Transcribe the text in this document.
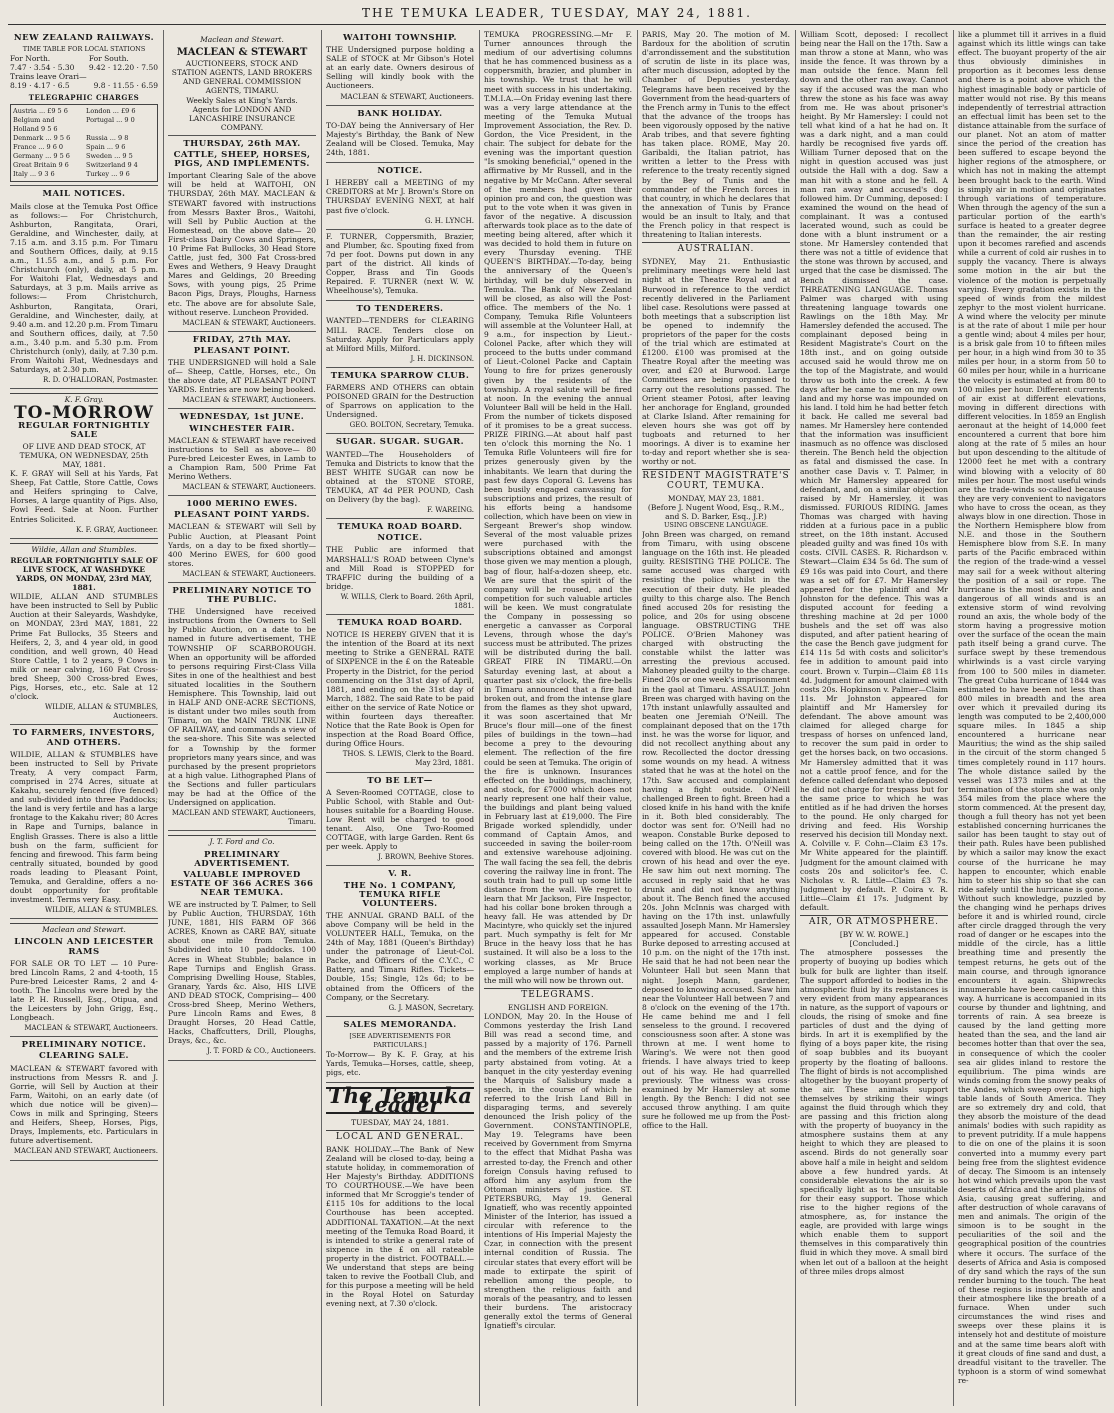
THE TEMUKA LEADER, TUESDAY, MAY 24, 1881.
NEW ZEALAND RAILWAYS.
TIME TABLE FOR LOCAL STATIONS
For North.
7.47 · 3.54 · 5.30
For South.
9.42 · 12.20 · 7.50
Trains leave Orari—
8.19 · 4.17 · 6.5	9.8 · 11.55 · 6.59
TELEGRAPHIC CHARGES
Austria ... £9 5 6	London ... £9 6
Belgium and Holland 9 5 6
Portugal ... 9 0
Denmark ... 9 5 6	Russia ... 9 8
France ... 9 6 0	Spain ... 9 6
Germany ... 9 5 6	Sweden ... 9 5
Great Britain 9 6	Switzerland 9 4
Italy ... 9 3 6	Turkey ... 9 6
MAIL NOTICES.

Mails close at the Temuka Post Office as follows:— For Christchurch, Ashburton, Rangitata, Orari, Geraldine, and Winchester, daily, at 7.15 a.m. and 3.15 p.m. For Timaru and Southern Offices, daily, at 9.15 a.m., 11.55 a.m., and 5 p.m. For Christchurch (only), daily, at 5 p.m. For Waitohi Flat, Wednesdays and Saturdays, at 3 p.m. Mails arrive as follows:— From Christchurch, Ashburton, Rangitata, Orari, Geraldine, and Winchester, daily, at 9.40 a.m. and 12.20 p.m. From Timaru and Southern offices, daily, at 7.50 a.m., 3.40 p.m. and 5.30 p.m. From Christchurch (only), daily, at 7.30 p.m. From Waitohi Flat, Wednesdays and Saturdays, at 2.30 p.m.

R. D. O'HALLORAN, Postmaster.
K. F. Gray.
TO-MORROW
REGULAR FORTNIGHTLY SALE
OF LIVE AND DEAD STOCK, AT TEMUKA, ON WEDNESDAY, 25th MAY, 1881.

K. F. GRAY will Sell at his Yards, Fat Sheep, Fat Cattle, Store Cattle, Cows and Heifers springing to Calve, Horses, A large quantity of Pigs. Also, Fowl Feed. Sale at Noon. Further Entries Solicited.

K. F. GRAY, Auctioneer.
Wildie, Allan and Stumbles.
REGULAR FORTNIGHTLY SALE OF LIVE STOCK, AT WASHDYKE YARDS, ON MONDAY, 23rd MAY, 1881.

WILDIE, ALLAN AND STUMBLES have been instructed to Sell by Public Auction at their Saleyards, Washdyke, on MONDAY, 23rd MAY, 1881, 22 Prime Fat Bullocks, 35 Steers and Heifers, 2, 3, and 4 year old, in good condition, and well grown, 40 Head Store Cattle, 1 to 2 years, 9 Cows in milk or near calving, 160 Fat Cross-bred Sheep, 300 Cross-bred Ewes, Pigs, Horses, etc., etc. Sale at 12 o'clock.

WILDIE, ALLAN & STUMBLES, Auctioneers.
TO FARMERS, INVESTORS, AND OTHERS.

WILDIE, ALLAN & STUMBLES have been instructed to Sell by Private Treaty, A very compact Farm, comprised in 274 Acres, situate at Kakahu, securely fenced (five fenced) and sub-divided into three Paddocks; the land is very fertile and has a large frontage to the Kakahu river; 80 Acres in Rape and Turnips, balance in English Grasses. There is also a little bush on the farm, sufficient for fencing and firewood. This farm being centrally situated, bounded by good roads leading to Pleasant Point, Temuka, and Geraldine, offers a no-doubt opportunity for profitable investment. Terms very Easy.

WILDIE, ALLAN & STUMBLES.
Maclean and Stewart.
LINCOLN AND LEICESTER RAMS

FOR SALE OR TO LET — 10 Pure-bred Lincoln Rams, 2 and 4-tooth, 15 Pure-bred Leicester Rams, 2 and 4-tooth. The Lincolns were bred by the late P. H. Russell, Esq., Otipua, and the Leicesters by John Grigg, Esq., Longbeach.

MACLEAN & STEWART, Auctioneers.
PRELIMINARY NOTICE.
CLEARING SALE.

MACLEAN & STEWART favored with instructions from Messrs R. and J. Gorrie, will Sell by Auction at their Farm, Waitohi, on an early date (of which due notice will be given)— Cows in milk and Springing, Steers and Heifers, Sheep, Horses, Pigs, Drays, Implements, etc. Particulars in future advertisement.

MACLEAN AND STEWART, Auctioneers.
Maclean and Stewart.
MACLEAN & STEWART
AUCTIONEERS, STOCK AND STATION AGENTS, LAND BROKERS AND GENERAL COMMISSION AGENTS, TIMARU.
Weekly Sales at King's Yards.
Agents for LONDON AND LANCASHIRE INSURANCE COMPANY.
THURSDAY, 26th MAY.
CATTLE, SHEEP, HORSES, PIGS, AND IMPLEMENTS.

Important Clearing Sale of the above will be held at WAITOHI, ON THURSDAY, 26th MAY. MACLEAN & STEWART favored with instructions from Messrs Baxter Bros., Waitohi, will Sell by Public Auction at the Homestead, on the above date— 20 First-class Dairy Cows and Springers, 10 Prime Fat Bullocks, 30 Head Store Cattle, just fed, 300 Fat Cross-bred Ewes and Wethers, 9 Heavy Draught Mares and Geldings, 20 Breeding Sows, with young pigs, 25 Prime Bacon Pigs, Drays, Ploughs, Harness etc. The above are for absolute Sale, without reserve. Luncheon Provided.

MACLEAN & STEWART, Auctioneers.
FRIDAY, 27th MAY.
PLEASANT POINT.

THE UNDERSIGNED will hold a Sale of— Sheep, Cattle, Horses, etc., On the above date, AT PLEASANT POINT YARDS. Entries are now being booked.

MACLEAN & STEWART, Auctioneers.
WEDNESDAY, 1st JUNE.
WINCHESTER FAIR.

MACLEAN & STEWART have received instructions to Sell as above— 80 Pure-bred Leicester Ewes, in Lamb to a Champion Ram, 500 Prime Fat Merino Wethers.

MACLEAN & STEWART, Auctioneers.
1000 MERINO EWES.
PLEASANT POINT YARDS.

MACLEAN & STEWART will Sell by Public Auction, at Pleasant Point Yards, on a day to be fixed shortly— 400 Merino EWES, for 600 good stores.

MACLEAN & STEWART, Auctioneers.
PRELIMINARY NOTICE TO THE PUBLIC.

THE Undersigned have received instructions from the Owners to Sell by Public Auction, on a date to be named in future advertisement, THE TOWNSHIP OF SCARBOROUGH. When an opportunity will be afforded to persons requiring First-Class Villa Sites in one of the healthiest and best situated localities in the Southern Hemisphere. This Township, laid out in HALF AND ONE-ACRE SECTIONS, is distant under two miles south from Timaru, on the MAIN TRUNK LINE OF RAILWAY, and commands a view of the sea-shore. This Site was selected for a Township by the former proprietors many years since, and was purchased by the present proprietors at a high value. Lithographed Plans of the Sections and fuller particulars may be had at the Office of the Undersigned on application.

MACLEAN AND STEWART, Auctioneers, Timaru.
J. T. Ford and Co.
PRELIMINARY ADVERTISEMENT.
VALUABLE IMPROVED ESTATE OF 366 ACRES 366 NEAR TEMUKA.

WE are instructed by T. Palmer, to Sell by Public Auction, THURSDAY, 16th JUNE, 1881, HIS FARM OF 366 ACRES, Known as CARE BAY, situate about one mile from Temuka. Subdivided into 10 paddocks. 100 Acres in Wheat Stubble; balance in Rape Turnips and English Grass. Comprising Dwelling House, Stables, Granary, Yards &c. Also, HIS LIVE AND DEAD STOCK, Comprising— 400 Cross-bred Sheep, Merino Wethers, Pure Lincoln Rams and Ewes, 8 Draught Horses, 20 Head Cattle, Hacks, Chaffcutters, Drill, Ploughs, Drays, &c., &c.

J. T. FORD & CO., Auctioneers.
WAITOHI TOWNSHIP.

THE Undersigned purpose holding a SALE of STOCK at Mr Gibson's Hotel at an early date. Owners desirous of Selling will kindly book with the Auctioneers.

MACLEAN & STEWART, Auctioneers.
BANK HOLIDAY.

TO-DAY being the Anniversary of Her Majesty's Birthday, the Bank of New Zealand will be Closed. Temuka, May 24th, 1881.

NOTICE.

I HEREBY call a MEETING of my CREDITORS at Mr J. Brown's Store on THURSDAY EVENING NEXT, at half past five o'clock.

G. H. LYNCH.

F. TURNER, Coppersmith, Brazier, and Plumber, &c. Spouting fixed from 7d per foot. Downs put down in any part of the district. All kinds of Copper, Brass and Tin Goods Repaired. F. TURNER (next W. W. Wheelhouse's), Temuka.

TO TENDERERS.

WANTED—TENDERS for CLEARING MILL RACE. Tenders close on Saturday. Apply for Particulars apply at Milford Mills, Milford.

J. H. DICKINSON.
TEMUKA SPARROW CLUB.

FARMERS AND OTHERS can obtain POISONED GRAIN for the Destruction of Sparrows on application to the Undersigned.

GEO. BOLTON, Secretary, Temuka.
SUGAR. SUGAR. SUGAR.

WANTED—The Householders of Temuka and Districts to know that the BEST WHITE SUGAR can now be obtained at the STONE STORE, TEMUKA, AT 4d PER POUND, Cash on Delivery (by the bag).

F. WAREING.
TEMUKA ROAD BOARD.
NOTICE.

THE Public are informed that MARSHALL'S ROAD between Clyne's and Mill Road is STOPPED for TRAFFIC during the building of a bridge.

W. WILLS, Clerk to Board. 26th April, 1881.
TEMUKA ROAD BOARD.

NOTICE IS HEREBY GIVEN that it is the intention of the Board at its next meeting to Strike a GENERAL RATE of SIXPENCE in the £ on the Rateable Property in the District, for the period commencing on the 31st day of April, 1881, and ending on the 31st day of March, 1882. The said Rate to be paid either on the service of Rate Notice or within fourteen days thereafter. Notice that the Rate Book is Open for inspection at the Road Board Office, during Office Hours.

THOS. S. LEWIS, Clerk to the Board. May 23rd, 1881.
TO BE LET—

A Seven-Roomed COTTAGE, close to Public School, with Stable and Out-houses suitable for a Boarding House. Low Rent will be charged to good tenant. Also, One Two-Roomed COTTAGE, with large Garden. Rent 6s per week. Apply to

J. BROWN, Beehive Stores.
V. R.
THE No. 1 COMPANY, TEMUKA RIFLE VOLUNTEERS.

THE ANNUAL GRAND BALL of the above Company will be held in the VOLUNTEER HALL, Temuka, on the 24th of May, 1881 (Queen's Birthday) under the patronage of Lieut-Col. Packe, and Officers of the C.Y.C., C Battery, and Timaru Rifles. Tickets—Double, 15s; Single, 12s 6d; to be obtained from the Officers of the Company, or the Secretary.

G. J. MASON, Secretary.
SALES MEMORANDA.
[SEE ADVERTISEMENTS FOR PARTICULARS.]

To-Morrow— By K. F. Gray, at his Yards, Temuka—Horses, cattle, sheep, pigs, etc.

The Temuka Leader
TUESDAY, MAY 24, 1881.
LOCAL AND GENERAL.

BANK HOLIDAY.—The Bank of New Zealand will be closed to-day, being a statute holiday, in commemoration of Her Majesty's Birthday. ADDITIONS TO COURTHOUSE.—We have been informed that Mr Scroggie's tender of £115 10s for additions to the local Courthouse has been accepted. ADDITIONAL TAXATION.—At the next meeting of the Temuka Road Board, it is intended to strike a general rate of sixpence in the £ on all rateable property in the district. FOOTBALL.—We understand that steps are being taken to revive the Football Club, and for this purpose a meeting will be held in the Royal Hotel on Saturday evening next, at 7.30 o'clock.

TEMUKA PROGRESSING.—Mr F. Turner announces through the medium of our advertising columns that he has commenced business as a coppersmith, brazier, and plumber in his township. We trust that he will meet with success in his undertaking. T.M.I.A.—On Friday evening last there was a very large attendance at the meeting of the Temuka Mutual Improvement Association, the Rev. D. Gordon, the Vice President, in the chair. The subject for debate for the evening was the important question "Is smoking beneficial," opened in the affirmative by Mr Russell, and in the negative by Mr McCann. After several of the members had given their opinion pro and con, the question was put to the vote when it was given in favor of the negative. A discussion afterwards took place as to the date of meeting being altered, after which it was decided to hold them in future on every Thursday evening. THE QUEEN'S BIRTHDAY.—To-day, being the anniversary of the Queen's birthday, will be duly observed in Temuka. The Bank of New Zealand will be closed, as also will the Post-office. The members of the No. 1 Company, Temuka Rifle Volunteers will assemble at the Volunteer Hall, at 9 a.m., for inspection by Lieut.-Colonel Packe, after which they will proceed to the butts under command of Lieut.-Colonel Packe and Captain Young to fire for prizes generously given by the residents of the township. A royal salute will be fired at noon. In the evening the annual Volunteer Ball will be held in the Hall. From the number of tickets disposed of it promises to be a great success. PRIZE FIRING.—At about half past ten o'clock this morning the No. 1 Temuka Rifle Volunteers will fire for prizes generously given by the inhabitants. We learn that during the past few days Coporal G. Levens has been busily engaged canvassing for subscriptions and prizes, the result of his efforts being a handsome collection, which have been on view in Sergeant Brewer's shop window. Several of the most valuable prizes were purchased with the subscriptions obtained and amongst those given we may mention a plough, bag of flour, half-a-dozen sheep, etc. We are sure that the spirit of the company will be roused, and the competition for such valuable articles will be keen. We must congratulate the Company in possessing so energetic a canvasser as Corporal Levens, through whose the day's success must be attributed. The prizes will be distributed during the ball. GREAT FIRE IN TIMARU.—On Saturday evening last, at about a quarter past six o'clock, the fire-bells in Timaru announced that a fire had broken out, and from the intense glare from the flames as they shot upward, it was soon ascertained that Mr Bruce's flour mill—one of the finest piles of buildings in the town—had become a prey to the devouring element. The reflection of the fire could be seen at Temuka. The origin of the fire is unknown. Insurances effected on the buildings, machinery, and stock, for £7000 which does not nearly represent one half their value, the buildings and plant being valued in February last at £19,000. The Fire Brigade worked splendidly, under command of Captain Amos, and succeeded in saving the boiler-room and extensive warehouse adjoining. The wall facing the sea fell, the debris covering the railway line in front. The south train had to pull up some little distance from the wall. We regret to learn that Mr Jackson, Fire Inspector, had his collar bone broken through a heavy fall. He was attended by Dr Macintyre, who quickly set the injured part. Much sympathy is felt for Mr Bruce in the heavy loss that he has sustained. It will also be a loss to the working classes, as Mr Bruce employed a large number of hands at the mill who will now be thrown out.

TELEGRAMS.
ENGLISH AND FOREIGN.

LONDON, May 20. In the House of Commons yesterday the Irish Land Bill was read a second time, and passed by a majority of 176. Parnell and the members of the extreme Irish party abstained from voting. At a banquet in the city yesterday evening the Marquis of Salisbury made a speech, in the course of which he referred to the Irish Land Bill in disparaging terms, and severely denounced the Irish policy of the Government. CONSTANTINOPLE, May 19. Telegrams have been received by Government from Smyrna to the effect that Midhat Pasha was arrested to-day, the French and other foreign Consuls having refused to afford him any asylum from the Ottoman ministers of justice. ST. PETERSBURG, May 19. General Ignatieff, who was recently appointed Minister of the Interior, has issued a circular with reference to the intentions of His Imperial Majesty the Czar, in connection with the present internal condition of Russia. The circular states that every effort will be made to extirpate the spirit of rebellion among the people, to strengthen the religious faith and morals of the peasantry, and to lessen their burdens. The aristocracy generally extol the terms of General Ignatieff's circular.

PARIS, May 20. The motion of M. Bardoux for the abolition of scrutin d'arrondissement and the substitution of scrutin de liste in its place was, after much discussion, adopted by the Chamber of Deputies yesterday. Telegrams have been received by the Government from the head-quarters of the French army in Tunis to the effect that the advance of the troops has been vigorously opposed by the native Arab tribes, and that severe fighting has taken place. ROME, May 20. Garibaldi, the Italian patriot, has written a letter to the Press with reference to the treaty recently signed by the Bey of Tunis and the commander of the French forces in that country, in which he declares that the annexation of Tunis by France would be an insult to Italy, and that the French policy in that respect is threatening to Italian interests.

AUSTRALIAN.

SYDNEY, May 21. Enthusiastic preliminary meetings were held last night at the Theatre Royal and at Burwood in reference to the verdict recently delivered in the Parliament libel case. Resolutions were passed at both meetings that a subscription list be opened to indemnify the proprietors of the paper for the costs of the trial which are estimated at £1200. £100 was promised at the Theatre Royal after the meeting was over, and £20 at Burwood. Large Committees are being organised to carry out the resolutions passed. The Orient steamer Potosi, after leaving her anchorage for England, grounded at Clarke Island. After remaining for eleven hours she was got off by tugboats and returned to her moorings. A diver is to examine her to-day and report whether she is sea-worthy or not.

RESIDENT MAGISTRATE'S COURT, TEMUKA.
MONDAY, MAY 23, 1881.
(Before J. Nugent Wood, Esq., R.M., and S. D. Barker, Esq., J.P.)
USING OBSCENE LANGUAGE.

John Breen was charged, on remand from Timaru, with using obscene language on the 16th inst. He pleaded guilty. RESISTING THE POLICE. The same accused was charged with resisting the police whilst in the execution of their duty. He pleaded guilty to this charge also. The Bench fined accused 20s for resisting the police, and 20s for using obscene language. OBSTRUCTING THE POLICE. O'Brien Mahoney was charged with obstructing the constable whilst the latter was arresting the previous accused. Mahoney pleaded guilty to the charge. Fined 20s or one week's imprisonment in the gaol at Timaru. ASSAULT. John Breen was charged with having on the 17th instant unlawfully assaulted and beaten one Jeremiah O'Neill. The complainant deposed that on the 17th inst. he was the worse for liquor, and did not recollect anything about any row. Recollected the doctor dressing some wounds on my head. A witness stated that he was at the hotel on the 17th. Saw accused and complainant having a fight outside. O'Neill challenged Breen to fight. Breen had a closed knife in his hand with the knife in it. Both bled considerably. The doctor was sent for. O'Neill had no weapon. Constable Burke deposed to being called on the 17th. O'Neill was covered with blood. He was cut on the crown of his head and over the eye. He saw him out next morning. The accused in reply said that he was drunk and did not know anything about it. The Bench fined the accused 20s. John McInnis was charged with having on the 17th inst. unlawfully assaulted Joseph Mann. Mr Hamersley appeared for accused. Constable Burke deposed to arresting accused at 10 p.m. on the night of the 17th inst. He said that he had not been near the Volunteer Hall but seen Mann that night. Joseph Mann, gardener, deposed to knowing accused. Saw him near the Volunteer Hall between 7 and 8 o'clock on the evening of the 17th. He came behind me and I fell senseless to the ground. I recovered consciousness soon after. A stone was thrown at me. I went home to Waring's. We were not then good friends. I have always tried to keep out of his way. He had quarrelled previously. The witness was cross-examined by Mr Hamersley at some length. By the Bench: I did not see accused throw anything. I am quite sure he followed me up from the Post-office to the Hall.

William Scott, deposed: I recollect being near the Hall on the 17th. Saw a man throw a stone at Mann, who was inside the fence. It was thrown by a man outside the fence. Mann fell down and the other ran away. Cannot say if the accused was the man who threw the stone as his face was away from me. He was about prisoner's height. By Mr Hamersley: I could not tell what kind of a hat he had on. It was a dark night, and a man could hardly be recognised five yards off. William Turner deposed that on the night in question accused was just outside the Hall with a dog. Saw a man hit with a stone and he fell. A man ran away and accused's dog followed him. Dr Cumming, deposed: I examined the wound on the head of complainant. It was a contused lacerated wound, such as could be done with a blunt instrument or a stone. Mr Hamersley contended that there was not a tittle of evidence that the stone was thrown by accused, and urged that the case be dismissed. The Bench dismissed the case. THREATENING LANGUAGE. Thomas Palmer was charged with using threatening language towards one Rawlings on the 18th May. Mr Hamersley defended the accused. The complainant deposed being in Resident Magistrate's Court on the 18th inst., and on going outside accused said he would throw me on the top of the Magistrate, and would throw us both into the creek. A few days after he came to me on my own land and my horse was impounded on his land. I told him he had better fetch it back. He called me several bad names. Mr Hamersley here contended that the information was insufficient inasmuch as no offence was disclosed therein. The Bench held the objection as fatal and dismissed the case. In another case Davis v. T. Palmer, in which Mr Hamersley appeared for defendant, and, on a similar objection raised by Mr Hamersley, it was dismissed. FURIOUS RIDING. James Thomas was charged with having ridden at a furious pace in a public street, on the 18th instant. Accused pleaded guilty and was fined 10s with costs. CIVIL CASES. R. Richardson v. Stewart—Claim £34 5s 6d. The sum of £9 16s was paid into Court, and there was a set off for £7. Mr Hamersley appeared for the plaintiff and Mr Johnston for the defence. This was a disputed account for feeding a threshing machine at 2d per 1000 bushels and the set off was also disputed, and after patient hearing of the case the Bench gave judgment for £14 11s 5d with costs and solicitor's fee in addition to amount paid into court. Brown v. Turpin—Claim £8 11s 4d. Judgment for amount claimed with costs 20s. Hopkinson v. Palmer—Claim 11s. Mr Johnston appeared for plaintiff and Mr Hamersley for defendant. The above amount was claimed for alleged charge for trespass of horses on unfenced land, to recover the sum paid in order to get the horses back, on two occasions. Mr Hamersley admitted that it was not a cattle proof fence, and for the defence called defendant who deposed he did not charge for trespass but for the same price to which he was entitled as if he had driven the horses to the pound. He only charged for driving and feed. His Worship reserved his decision till Monday next. A. Colville v. F. Cohn—Claim £3 17s. Mr White appeared for the plaintiff. Judgment for the amount claimed with costs 20s and solicitor's fee. C. Nicholas v. R. Little—Claim £3 7s. Judgment by default. P. Coira v. R. Little—Claim £1 17s. Judgment by default.

AIR, OR ATMOSPHERE.
[BY W. W. ROWE.]
[Concluded.]

The atmosphere possesses the property of buoying up bodies which bulk for bulk are lighter than itself. The support afforded to bodies in the atmospheric fluid by its resistances is very evident from many appearances in nature, as the support of vapours or clouds, the rising of smoke and fine particles of dust and the dying of birds. In art it is exemplified by the flying of a boys paper kite, the rising of soap bubbles and its buoyant property by the floating of balloons. The flight of birds is not accomplished altogether by the buoyant property of the air. These animals support themselves by striking their wings against the fluid through which they are passing and this friction along with the property of buoyancy in the atmosphere sustains them at any height to which they are pleased to ascend. Birds do not generally soar above half a mile in height and seldom above a few hundred yards. At considerable elevations the air is so specifically light as to be unsuitable for their easy support. Those which rise to the higher regions of the atmosphere, as, for instance the eagle, are provided with large wings which enable them to support themselves in this comparatively thin fluid in which they move. A small bird when let out of a balloon at the height of three miles drops almost

like a plummet till it arrives in a fluid against which its little wings can take effect. The buoyant property of the air thus obviously diminishes in proportion as it becomes less dense and there is a point above which the highest imaginable body or particle of matter would not rise. By this means independently of terrestrial attraction an effectual limit has been set to the distance attainable from the surface of our planet. Not an atom of matter since the period of the creation has been suffered to escape beyond the higher regions of the atmosphere, or which has not in making the attempt been brought back to the earth. Wind is simply air in motion and originates through variations of temperature. When through the agency of the sun a particular portion of the earth's surface is heated to a greater degree than the remainder, the air resting upon it becomes rarefied and ascends while a current of cold air rushes in to supply the vacancy. There is always some motion in the air but the violence of the motion is perpetually varying. Every gradation exists in the speed of winds from the mildest zephyr to the most violent hurricane. A wind where the velocity per minute is at the rate of about 1 mile per hour a gentle wind; about 4 miles per hour, is a brisk gale from 10 to fifteen miles per hour, in a high wind from 30 to 35 miles per hour, in a storm from 50 to 60 miles per hour, while in a hurricane the velocity is estimated at from 80 to 100 miles per hour. Different currents of air exist at different elevations, moving in different directions with different velocities. In 1859 an English aeronaut at the height of 14,000 feet encountered a current that bore him along at the rate of 5 miles an hour but upon descending to the altitude of 12000 feet he met with a contrary wind blowing with a velocity of 80 miles per hour. The most useful winds are the trade-winds so-called because they are very convenient to navigators who have to cross the ocean, as they always blow in one direction. Those in the Northern Hemisphere blow from N.E. and those in the Southern Hemisphere blow from S.E. In many parts of the Pacific embraced within the region of the trade-wind a vessel may sail for a week without altering the position of a sail or rope. The hurricane is the most disastrous and dangerous of all winds and is an extensive storm of wind revolving round an axis, the whole body of the storm having a progressive motion over the surface of the ocean the main path itself being a grand curve. The surface swept by these tremendous whirlwinds is a vast circle varying from 100 to 500 miles in diameter. The great Cuba hurricane of 1844 was estimated to have been not less than 800 miles in breadth and the area over which it prevailed during its length was computed to be 2,400,000 square miles. In 1845 a ship encountered a hurricane near Mauritius; the wind as the ship sailed in the circuit of the storm changed 5 times completely round in 117 hours. The whole distance sailed by the vessel was 1373 miles and at the termination of the storm she was only 354 miles from the place where the storm commenced. At the present day, though a full theory has not yet been established concerning hurricanes the sailor has been taught to stay out of their path. Rules have been published by which a sailor may know the exact course of the hurricane he may happen to encounter, which enable him to steer his ship so that she can ride safely until the hurricane is gone. Without such knowledge, puzzled by the changing wind he perhaps drives before it and is whirled round, circle after circle dragged through the very road of danger or he escapes into the middle of the circle, has a little breathing time and presently the tempest returns, he gets out of the main course, and through ignorance encounters it again. Shipwrecks innumerable have been caused in this way. A hurricane is accompanied in its course by thunder and lightning, and torrents of rain. A sea breeze is caused by the land getting more heated than the sea, and the land air becomes hotter than that over the sea, in consequence of which the cooler sea air glides inland to restore the equilibrium. The pima winds are winds coming from the snowy peaks of the Andes, which sweep over the high table lands of South America. They are so extremely dry and cold, that they absorb the moisture of the dead animals' bodies with such rapidity as to prevent putridity. If a mule happens to die on one of the plains it is soon converted into a mummy every part being free from the slightest evidence of decay. The Simoom is an intensely hot wind which prevails upon the vast deserts of Africa and the arid plains of Asia, causing great suffering, and after destruction of whole caravans of men and animals. The origin of the simoon is to be sought in the peculiarities of the soil and the geographical position of the countries where it occurs. The surface of the deserts of Africa and Asia is composed of dry sand which the rays of the sun render burning to the touch. The heat of these regions is insupportable and their atmosphere like the breath of a furnace. When under such circumstances the wind rises and sweeps over these plains it is intensely hot and destitute of moisture and at the same time bears aloft with it great clouds of fine sand and dust, a dreadful visitant to the traveller. The typhoon is a storm of wind somewhat re-
